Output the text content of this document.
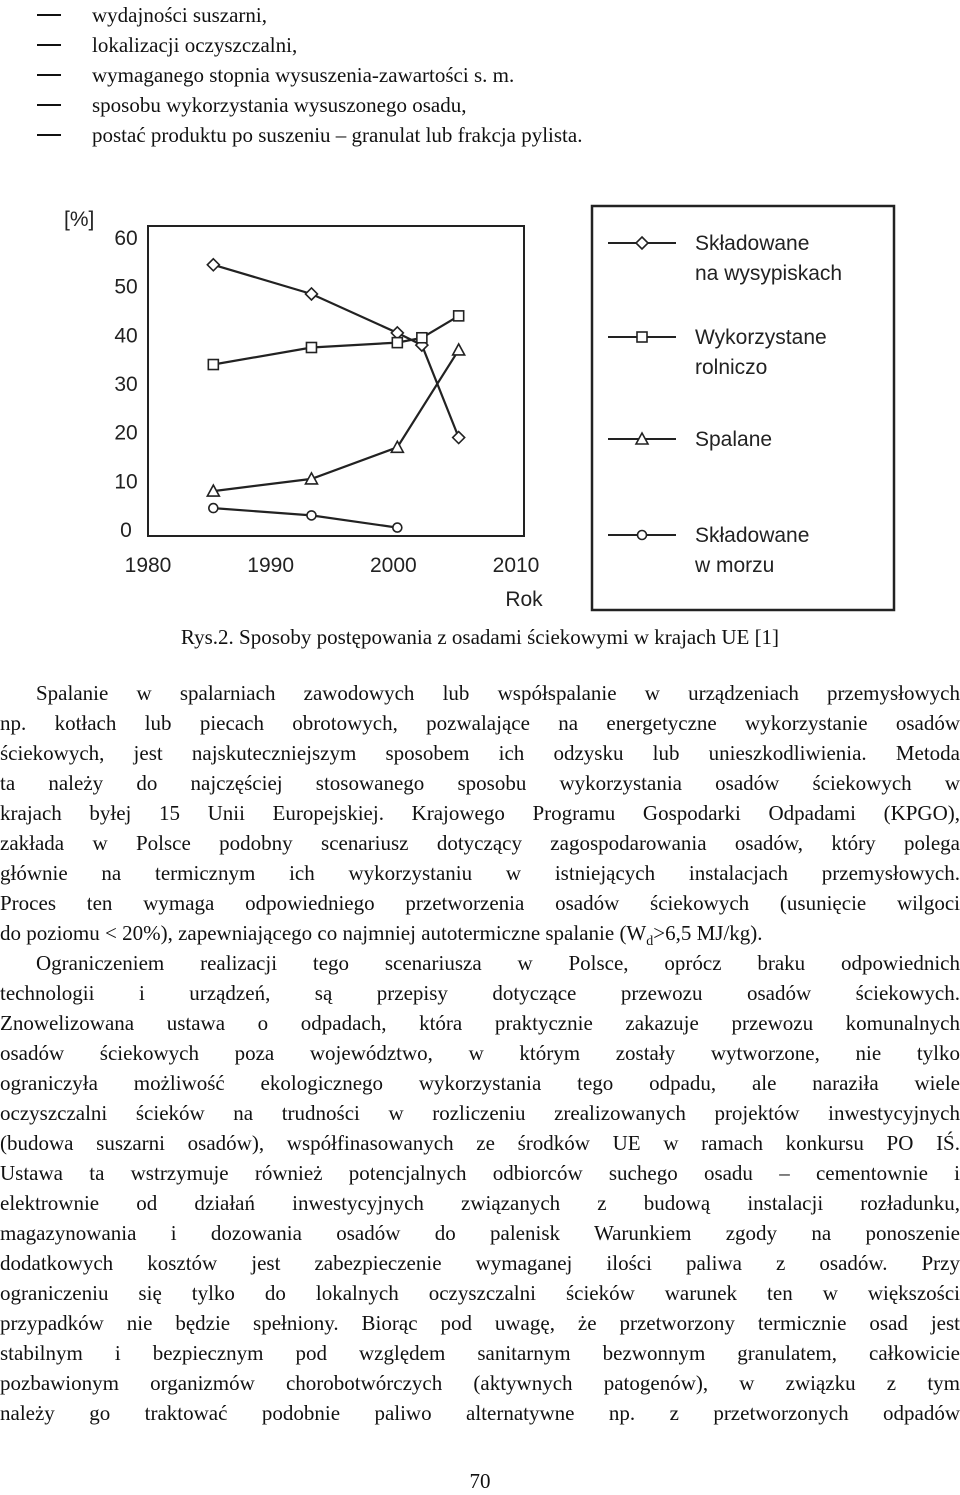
wydajności suszarni,
lokalizacji oczyszczalni,
wymaganego stopnia wysuszenia-zawartości s. m.
sposobu wykorzystania wysuszonego osadu,
postać produktu po suszeniu – granulat lub frakcja pylista.
[%]
0
10
20
30
40
50
60
1980	1990	2000	2010
Rok
Składowane
na wysypiskach
Wykorzystane
rolniczo
Spalane
Składowane
w morzu
Rys.2. Sposoby postępowania z osadami ściekowymi w krajach UE [1]
Spalanie w spalarniach zawodowych lub współspalanie w urządzeniach przemysłowych
np. kotłach lub piecach obrotowych, pozwalające na energetyczne wykorzystanie osadów
ściekowych, jest najskuteczniejszym sposobem ich odzysku lub unieszkodliwienia. Metoda
ta należy do najczęściej stosowanego sposobu wykorzystania osadów ściekowych w
krajach byłej 15 Unii Europejskiej. Krajowego Programu Gospodarki Odpadami (KPGO),
zakłada w Polsce podobny scenariusz dotyczący zagospodarowania osadów, który polega
głównie na termicznym ich wykorzystaniu w istniejących instalacjach przemysłowych.
Proces ten wymaga odpowiedniego przetworzenia osadów ściekowych (usunięcie wilgoci
do poziomu < 20%), zapewniającego co najmniej autotermiczne spalanie ($W_d>6,5$ MJ/kg).
Ograniczeniem realizacji tego scenariusza w Polsce, oprócz braku odpowiednich
technologii i urządzeń, są przepisy dotyczące przewozu osadów ściekowych.
Znowelizowana ustawa o odpadach, która praktycznie zakazuje przewozu komunalnych
osadów ściekowych poza województwo, w którym zostały wytworzone, nie tylko
ograniczyła możliwość ekologicznego wykorzystania tego odpadu, ale naraziła wiele
oczyszczalni ścieków na trudności w rozliczeniu zrealizowanych projektów inwestycyjnych
(budowa suszarni osadów), współfinasowanych ze środków UE w ramach konkursu PO IŚ.
Ustawa ta wstrzymuje również potencjalnych odbiorców suchego osadu – cementownie i
elektrownie od działań inwestycyjnych związanych z budową instalacji rozładunku,
magazynowania i dozowania osadów do palenisk Warunkiem zgody na ponoszenie
dodatkowych kosztów jest zabezpieczenie wymaganej ilości paliwa z osadów. Przy
ograniczeniu się tylko do lokalnych oczyszczalni ścieków warunek ten w większości
przypadków nie będzie spełniony. Biorąc pod uwagę, że przetworzony termicznie osad jest
stabilnym i bezpiecznym pod względem sanitarnym bezwonnym granulatem, całkowicie
pozbawionym organizmów chorobotwórczych (aktywnych patogenów), w związku z tym
należy go traktować podobnie paliwo alternatywne np. z przetworzonych odpadów
70
